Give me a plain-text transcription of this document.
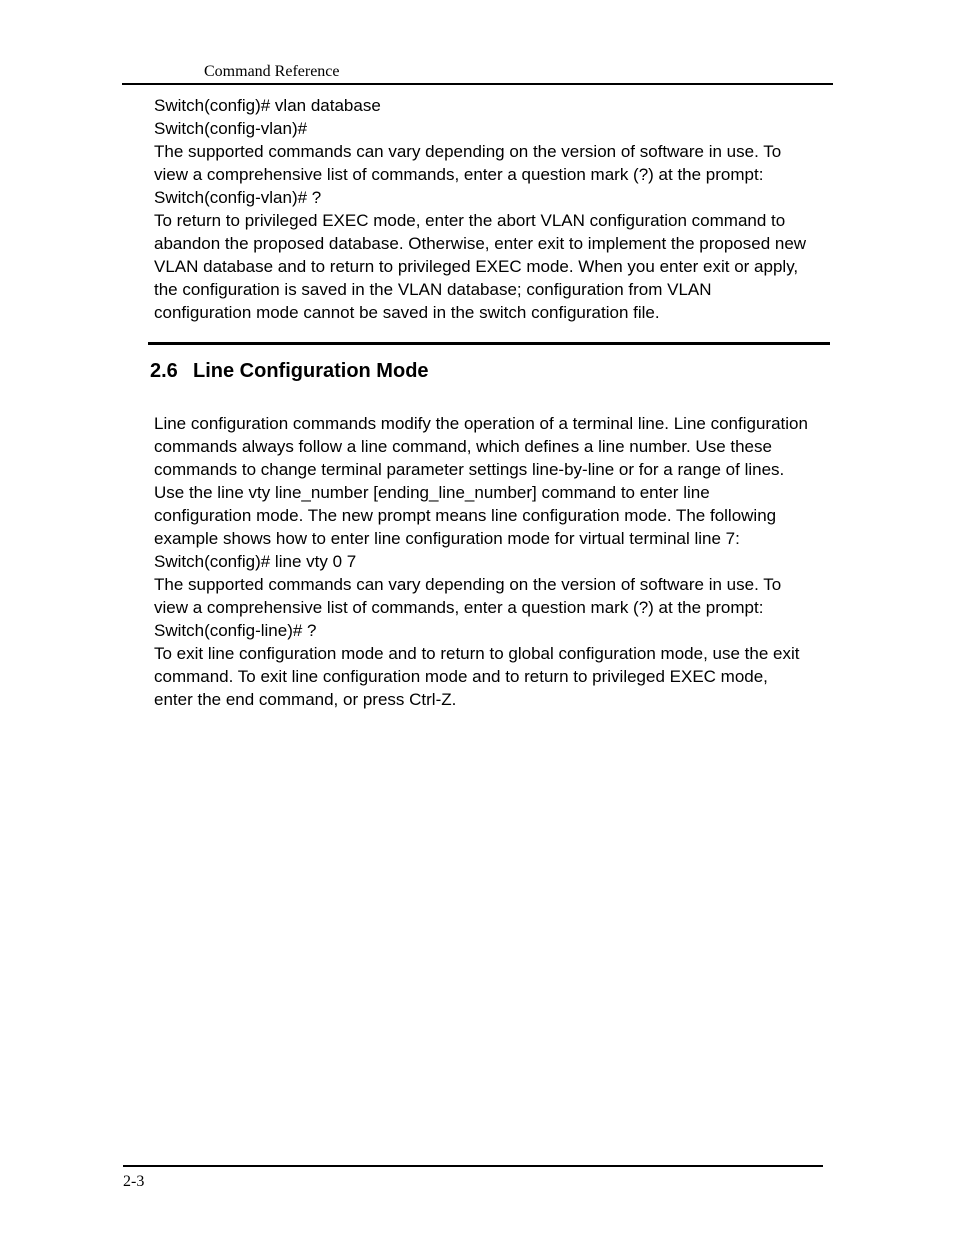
Command Reference
Switch(config)# vlan database
Switch(config-vlan)#
The supported commands can vary depending on the version of software in use. To
view a comprehensive list of commands, enter a question mark (?) at the prompt:
Switch(config-vlan)# ?
To return to privileged EXEC mode, enter the abort VLAN configuration command to
abandon the proposed database. Otherwise, enter exit to implement the proposed new
VLAN database and to return to privileged EXEC mode. When you enter exit or apply,
the configuration is saved in the VLAN database; configuration from VLAN
configuration mode cannot be saved in the switch configuration file.
2.6 Line Configuration Mode
Line configuration commands modify the operation of a terminal line. Line configuration
commands always follow a line command, which defines a line number. Use these
commands to change terminal parameter settings line-by-line or for a range of lines.
Use the line vty line_number [ending_line_number] command to enter line
configuration mode. The new prompt means line configuration mode. The following
example shows how to enter line configuration mode for virtual terminal line 7:
Switch(config)# line vty 0 7
The supported commands can vary depending on the version of software in use. To
view a comprehensive list of commands, enter a question mark (?) at the prompt:
Switch(config-line)# ?
To exit line configuration mode and to return to global configuration mode, use the exit
command. To exit line configuration mode and to return to privileged EXEC mode,
enter the end command, or press Ctrl-Z.
2-3
